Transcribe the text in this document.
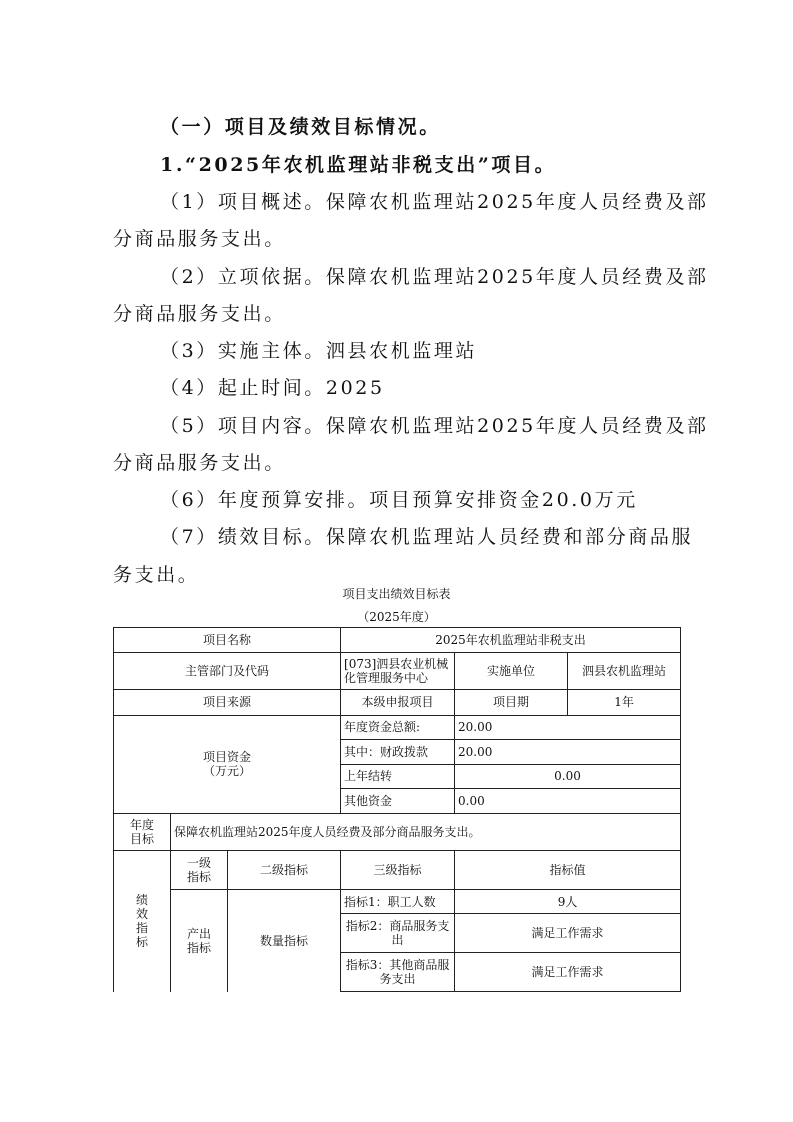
（一）项目及绩效目标情况。
1.“2025年农机监理站非税支出”项目。
（1）项目概述。保障农机监理站2025年度人员经费及部
分商品服务支出。
（2）立项依据。保障农机监理站2025年度人员经费及部
分商品服务支出。
（3）实施主体。泗县农机监理站
（4）起止时间。2025
（5）项目内容。保障农机监理站2025年度人员经费及部
分商品服务支出。
（6）年度预算安排。项目预算安排资金20.0万元
（7）绩效目标。保障农机监理站人员经费和部分商品服
务支出。
项目支出绩效目标表
（2025年度）
项目名称			2025年农机监理站非税支出		
主管部门及代码			[073]泗县农业机械化管理服务中心	实施单位	泗县农机监理站
项目来源			本级申报项目	项目期	1年

项目资金
（万元）			年度资金总额:	20.00	
			其中：财政拨款	20.00	
			上年结转	0.00	
			其他资金	0.00	

年度目标	保障农机监理站2025年度人员经费及部分商品服务支出。				

绩效指标	一级指标	二级指标	三级指标	指标值	

	产出指标	数量指标	指标1：职工人数	9人	
			指标2：商品服务支出	满足工作需求	
			指标3：其他商品服务支出	满足工作需求	
